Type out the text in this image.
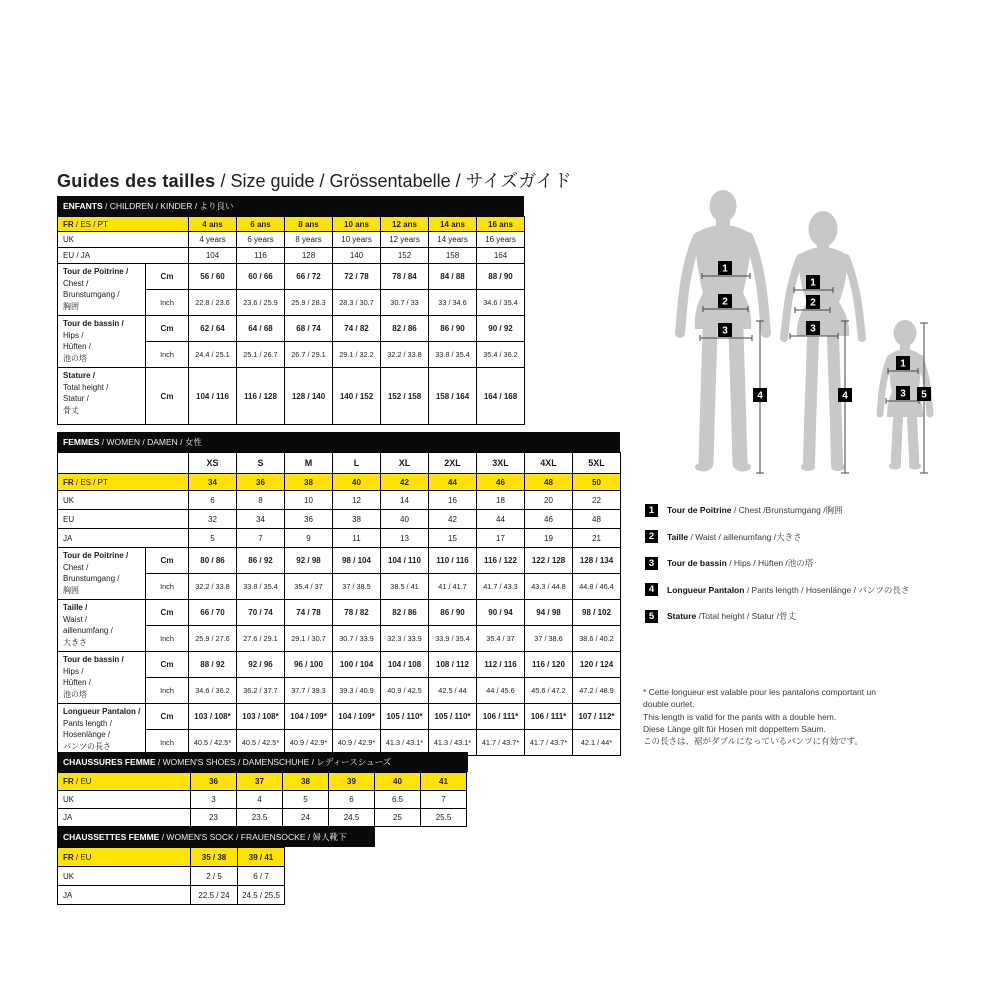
Guides des tailles / Size guide / Grössentabelle / サイズガイド
ENFANTS / CHILDREN / KINDER / より良い
FR / ES / PT		4 ans	6 ans	8 ans	10 ans	12 ans	14 ans	16 ans
UK		4 years	6 years	8 years	10 years	12 years	14 years	16 years
EU / JA		104	116	128	140	152	158	164
Tour de Poitrine /
Chest /
Brunstumgang /
胸囲	Cm	56 / 60	60 / 66	66 / 72	72 / 78	78 / 84	84 / 88	88 / 90
	Inch	22.8 / 23.6	23.6 / 25.9	25.9 / 28.3	28.3 / 30.7	30.7 / 33	33 / 34.6	34.6 / 35.4
Tour de bassin /
Hips /
Hüften /
池の塔	Cm	62 / 64	64 / 68	68 / 74	74 / 82	82 / 86	86 / 90	90 / 92
	Inch	24.4 / 25.1	25.1 / 26.7	26.7 / 29.1	29.1 / 32.2	32.2 / 33.8	33.8 / 35.4	35.4 / 36.2
Stature /
Total height /
Statur /
骨丈	Cm	104 / 116	116 / 128	128 / 140	140 / 152	152 / 158	158 / 164	164 / 168
FEMMES / WOMEN / DAMEN / 女性
		XS	S	M	L	XL	2XL	3XL	4XL	5XL
FR / ES / PT		34	36	38	40	42	44	46	48	50
UK		6	8	10	12	14	16	18	20	22
EU		32	34	36	38	40	42	44	46	48
JA		5	7	9	11	13	15	17	19	21
Tour de Poitrine /
Chest /
Brunstumgang /
胸囲	Cm	80 / 86	86 / 92	92 / 98	98 / 104	104 / 110	110 / 116	116 / 122	122 / 128	128 / 134
	Inch	32.2 / 33.8	33.8 / 35.4	35.4 / 37	37 / 38.5	38.5 / 41	41 / 41.7	41.7 / 43.3	43.3 / 44.8	44.8 / 46.4
Taille /
Waist /
aillenumfang /
大きさ	Cm	66 / 70	70 / 74	74 / 78	78 / 82	82 / 86	86 / 90	90 / 94	94 / 98	98 / 102
	Inch	25.9 / 27.6	27.6 / 29.1	29.1 / 30.7	30.7 / 33.9	32.3 / 33.9	33.9 / 35.4	35.4 / 37	37 / 38.6	38.6 / 40.2
Tour de bassin /
Hips /
Hüften /
池の塔	Cm	88 / 92	92 / 96	96 / 100	100 / 104	104 / 108	108 / 112	112 / 116	116 / 120	120 / 124
	Inch	34.6 / 36.2	36.2 / 37.7	37.7 / 39.3	39.3 / 40.9	40.9 / 42.5	42.5 / 44	44 / 45.6	45.6 / 47.2	47.2 / 48.9
Longueur Pantalon /
Pants length /
Hosenlänge /
パンツの長さ	Cm	103 / 108*	103 / 108*	104 / 109*	104 / 109*	105 / 110*	105 / 110*	106 / 111*	106 / 111*	107 / 112*
	Inch	40.5 / 42.5*	40.5 / 42.5*	40.9 / 42.9*	40.9 / 42.9*	41.3 / 43.1*	41.3 / 43.1*	41.7 / 43.7*	41.7 / 43.7*	42.1 / 44*
CHAUSSURES FEMME / WOMEN'S SHOES / DAMENSCHUHE / レディースシューズ
FR / EU	36	37	38	39	40	41
UK	3	4	5	6	6.5	7
JA	23	23.5	24	24.5	25	25.5
CHAUSSETTES FEMME / WOMEN'S SOCK / FRAUENSOCKE / 婦人靴下
FR / EU	35 / 38	39 / 41
UK	2 / 5	6 / 7
JA	22.5 / 24	24.5 / 25.5
1
2
3
4
1
2
3
4
1
3 5
1	Tour de Poitrine / Chest /Brunstumgang /胸囲
2	Taille / Waist / aillenumfang /大きさ
3	Tour de bassin / Hips / Hüften /池の塔
4	Longueur Pantalon / Pants length / Hosenlänge / パンツの長さ
5	Stature /Total height / Statur /骨丈
* Cette longueur est valable pour les pantalons comportant un
double ourlet.
This length is valid for the pants with a double hem.
Diese Länge gilt für Hosen mit doppeltem Saum.
この長さは、裾がダブルになっているパンツに有効です。
